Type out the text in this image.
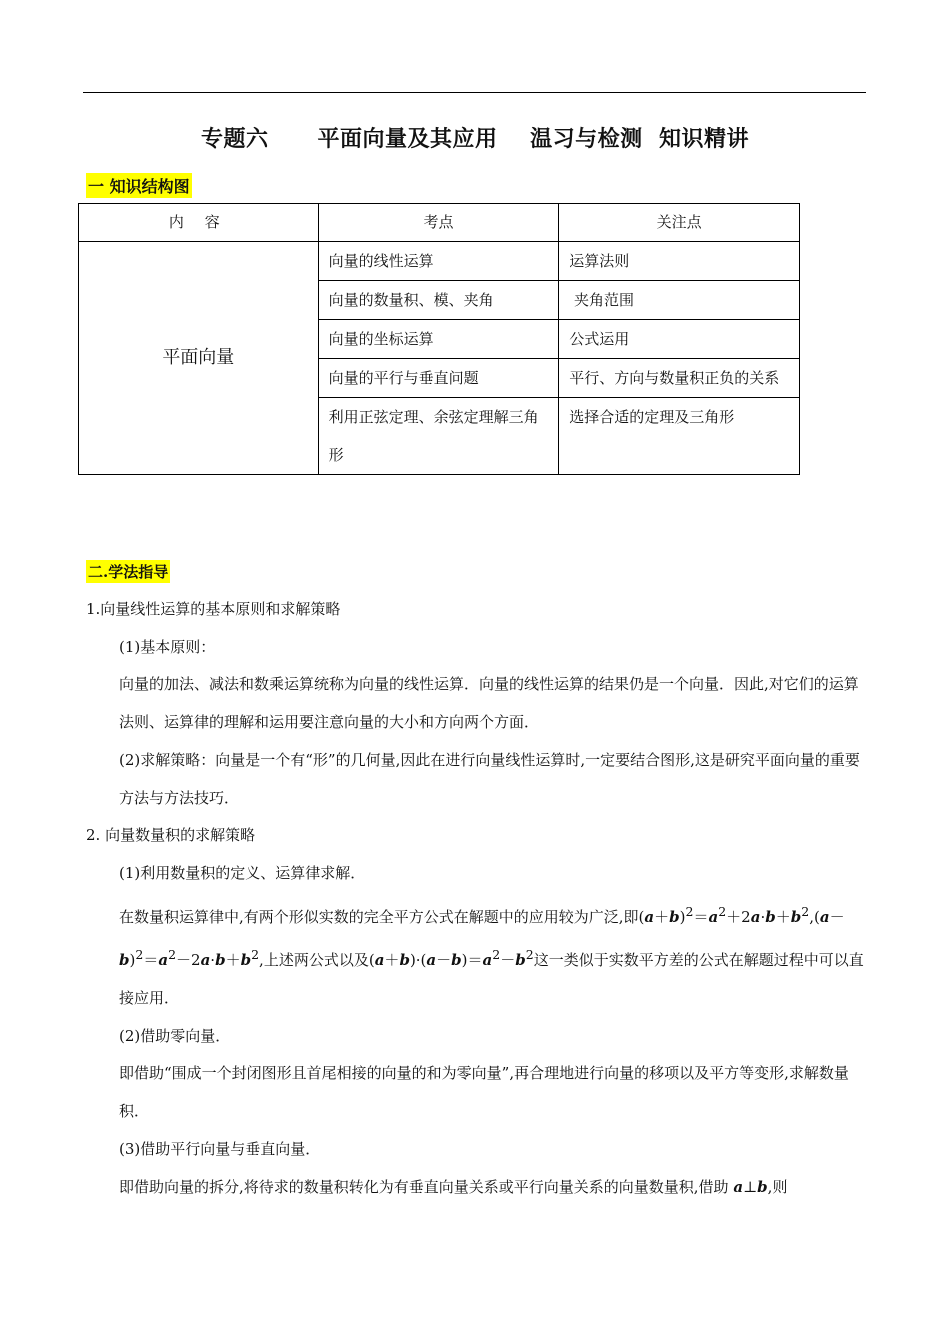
专题六      平面向量及其应用    温习与检测  知识精讲
一 知识结构图
内 容	考点	关注点
平面向量	向量的线性运算	运算法则
	向量的数量积、模、夹角	夹角范围
	向量的坐标运算	公式运用
	向量的平行与垂直问题	平行、方向与数量积正负的关系
	利用正弦定理、余弦定理解三角形	选择合适的定理及三角形
二.学法指导

1.向量线性运算的基本原则和求解策略

(1)基本原则：

向量的加法、减法和数乘运算统称为向量的线性运算．向量的线性运算的结果仍是一个向量．因此,对它们的运算法则、运算律的理解和运用要注意向量的大小和方向两个方面．

(2)求解策略：向量是一个有“形”的几何量,因此在进行向量线性运算时,一定要结合图形,这是研究平面向量的重要方法与方法技巧．

2. 向量数量积的求解策略

(1)利用数量积的定义、运算律求解．

在数量积运算律中,有两个形似实数的完全平方公式在解题中的应用较为广泛,即$(a+b)^2=a^2+2a\cdot b+b^2,(a-b)^2=a^2-2a\cdot b+b^2$,上述两公式以及$(a+b)\cdot(a-b)=a^2-b^2$这一类似于实数平方差的公式在解题过程中可以直接应用．

(2)借助零向量．

即借助“围成一个封闭图形且首尾相接的向量的和为零向量”,再合理地进行向量的移项以及平方等变形,求解数量积．

(3)借助平行向量与垂直向量．

即借助向量的拆分,将待求的数量积转化为有垂直向量关系或平行向量关系的向量数量积,借助 a⊥b,则
